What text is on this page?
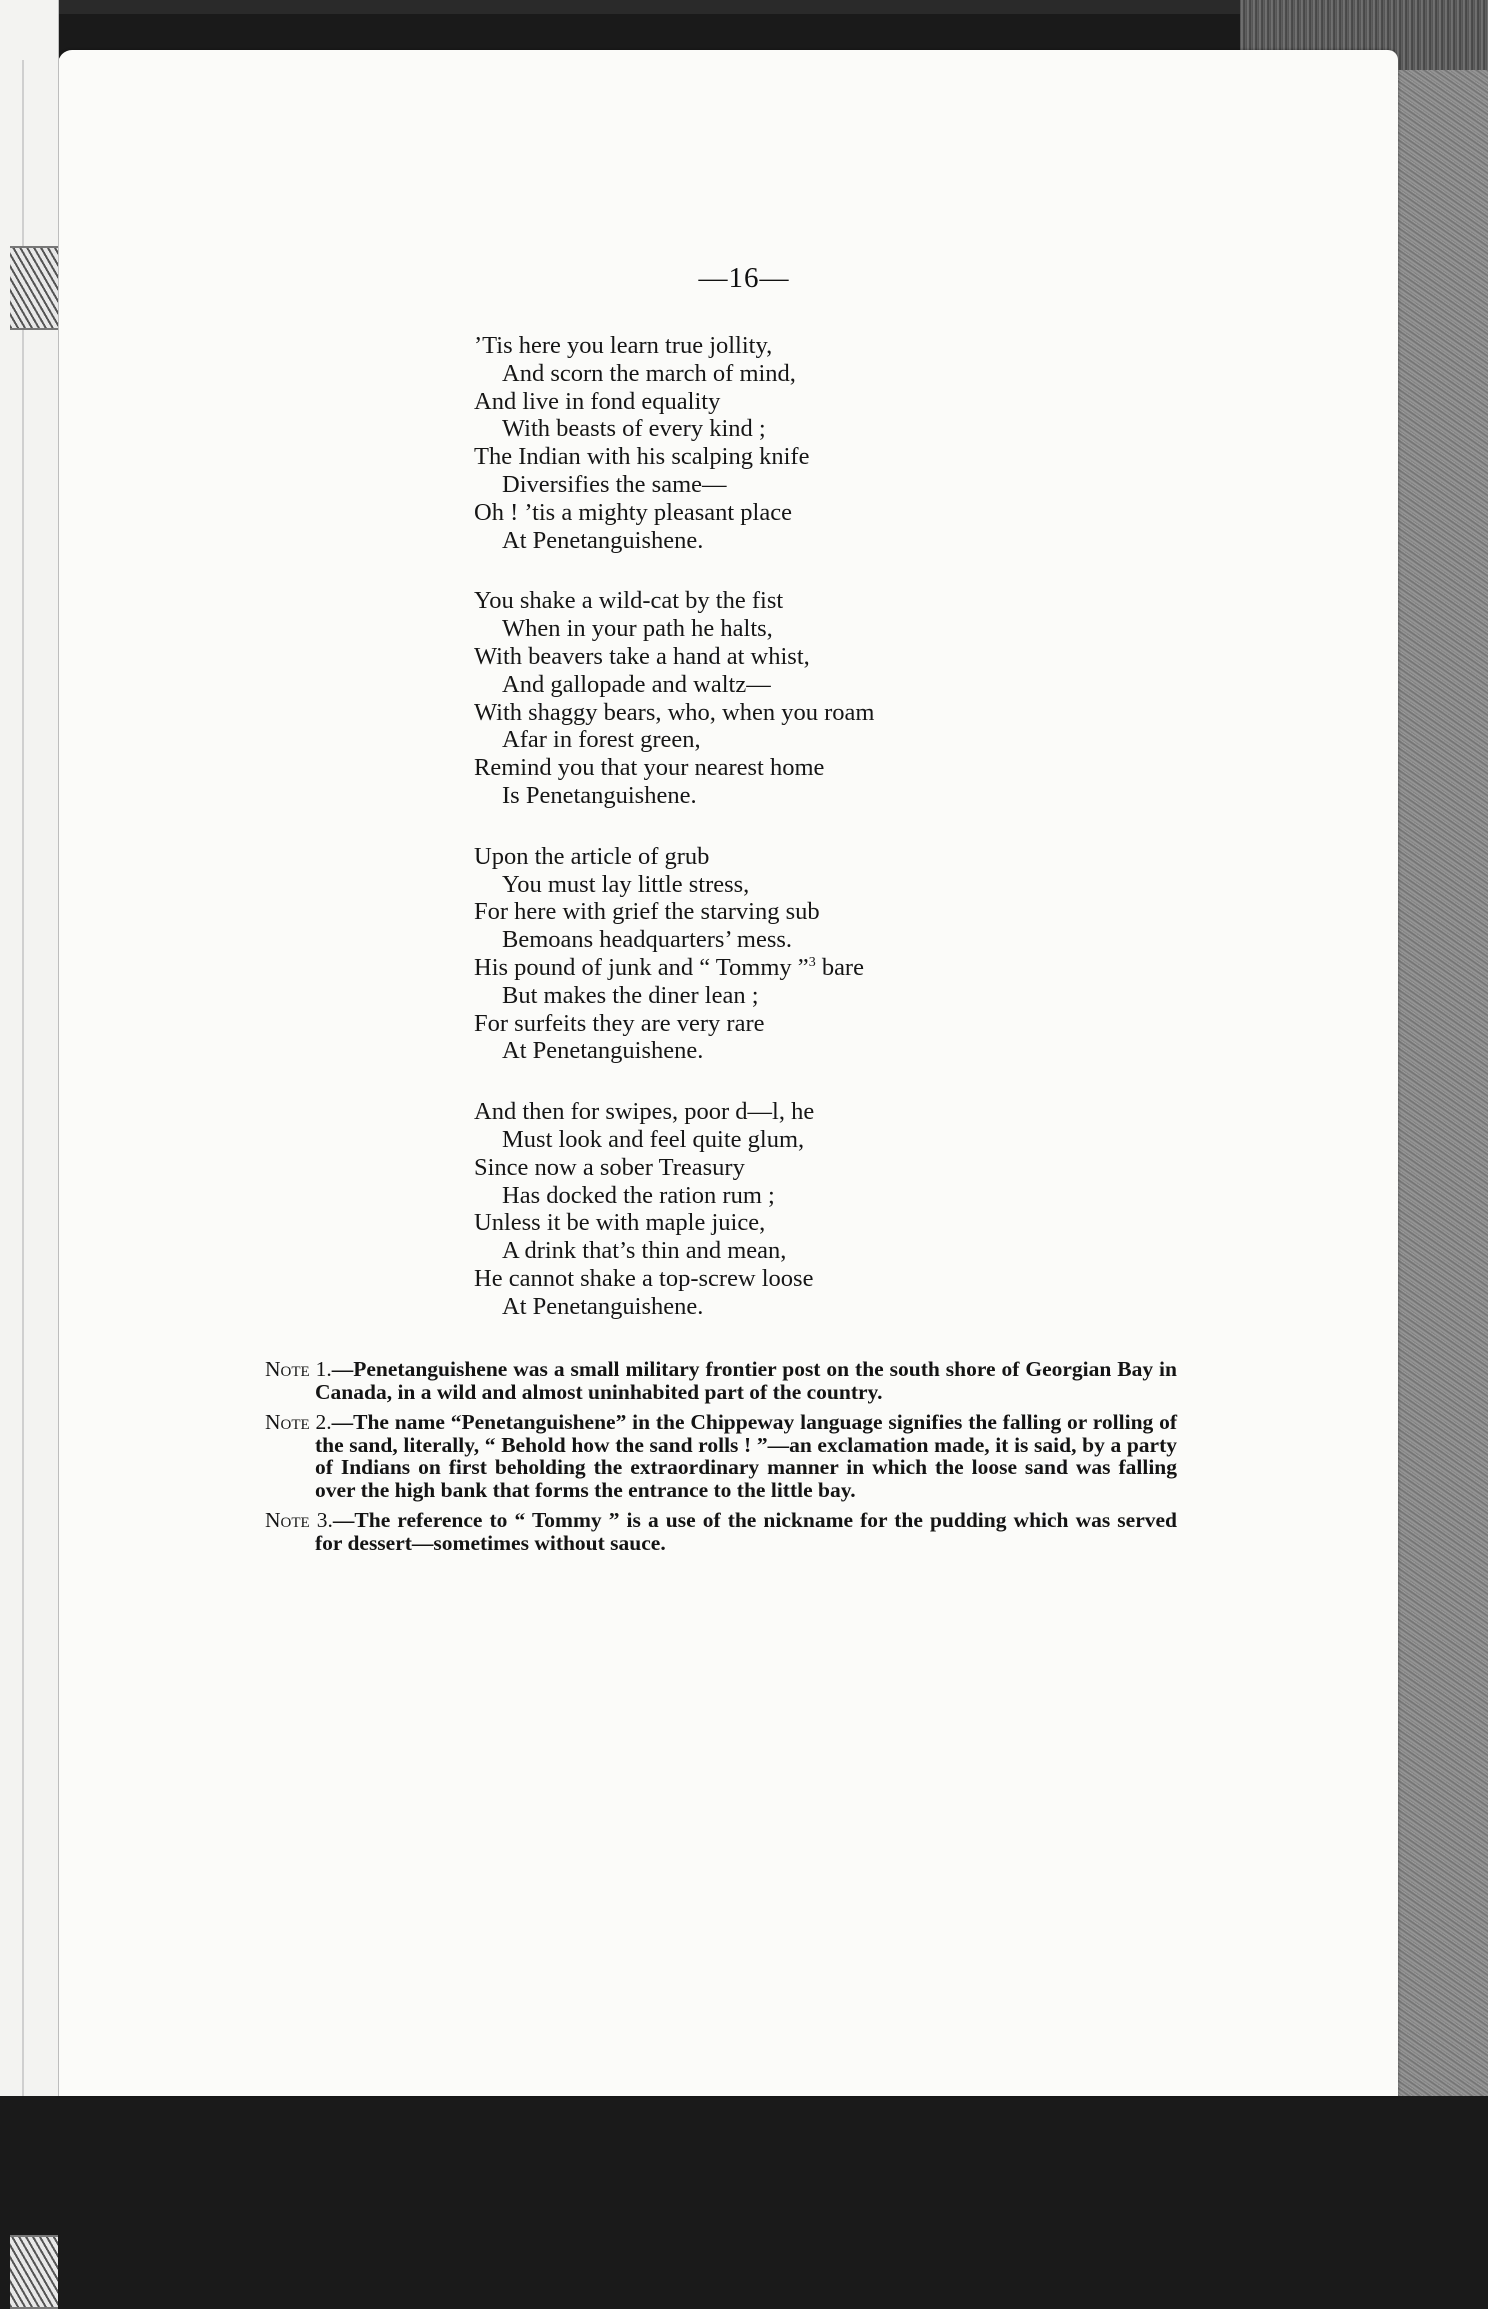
—16—
’Tis here you learn true jollity,
And scorn the march of mind,
And live in fond equality
With beasts of every kind ;
The Indian with his scalping knife
Diversifies the same—
Oh ! ’tis a mighty pleasant place
At Penetanguishene.
You shake a wild-cat by the fist
When in your path he halts,
With beavers take a hand at whist,
And gallopade and waltz—
With shaggy bears, who, when you roam
Afar in forest green,
Remind you that your nearest home
Is Penetanguishene.
Upon the article of grub
You must lay little stress,
For here with grief the starving sub
Bemoans headquarters’ mess.
His pound of junk and “ Tommy ”$^3$ bare
But makes the diner lean ;
For surfeits they are very rare
At Penetanguishene.
And then for swipes, poor d—l, he
Must look and feel quite glum,
Since now a sober Treasury
Has docked the ration rum ;
Unless it be with maple juice,
A drink that’s thin and mean,
He cannot shake a top-screw loose
At Penetanguishene.
Note 1.—Penetanguishene was a small military frontier post on the south shore of Georgian Bay in Canada, in a wild and almost uninhabited part of the country.
Note 2.—The name “Penetanguishene” in the Chippeway language signifies the falling or rolling of the sand, literally, “ Behold how the sand rolls ! ”—an exclamation made, it is said, by a party of Indians on first beholding the extraordinary manner in which the loose sand was falling over the high bank that forms the entrance to the little bay.
Note 3.—The reference to “ Tommy ” is a use of the nickname for the pudding which was served for dessert—sometimes without sauce.
